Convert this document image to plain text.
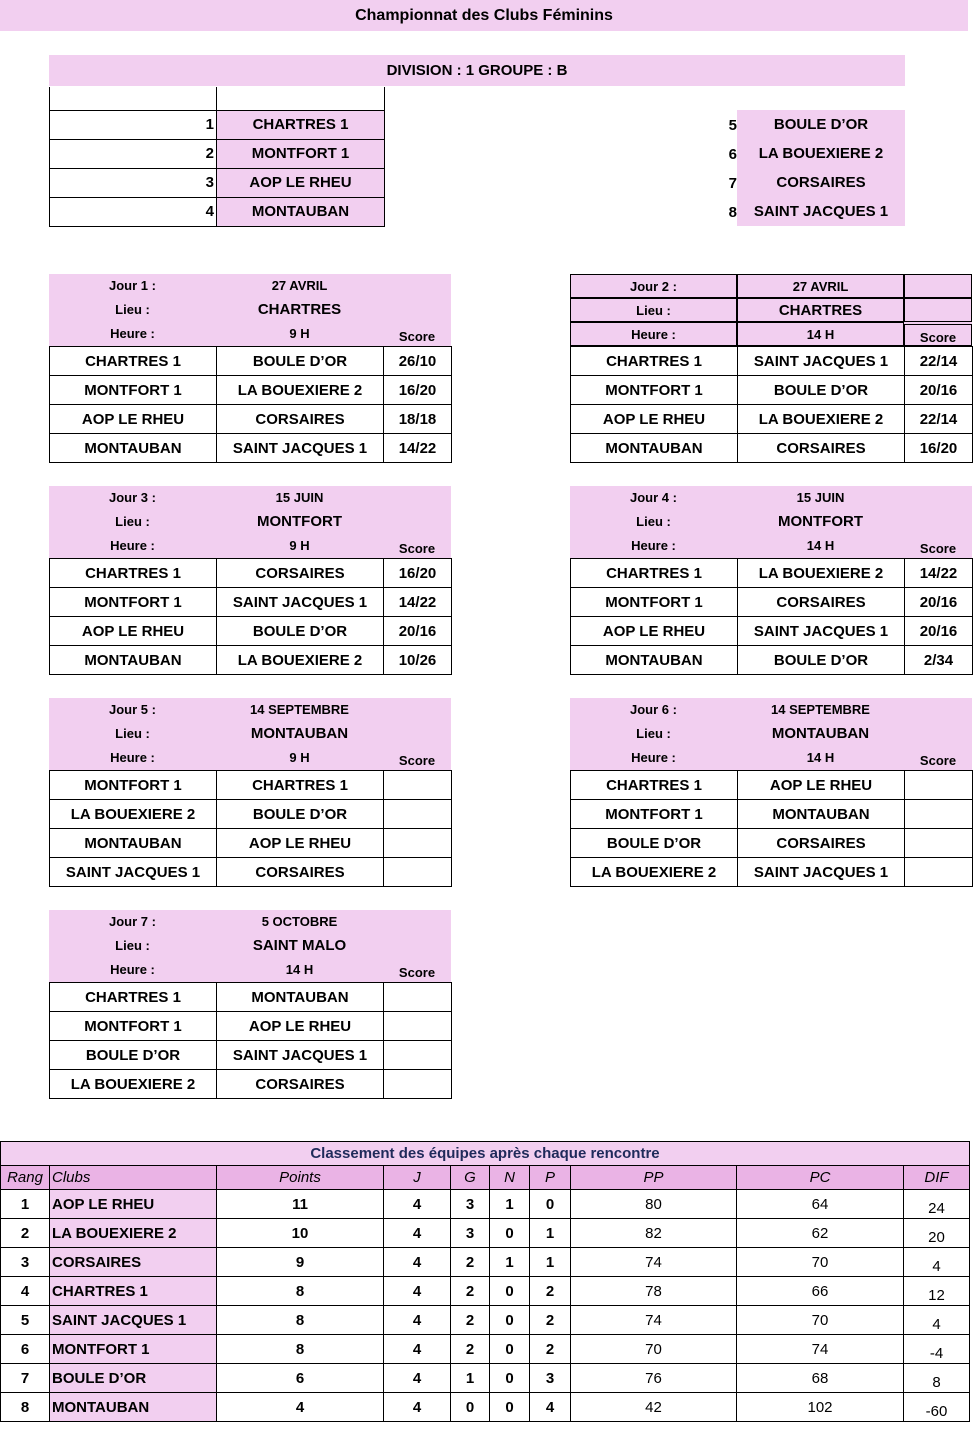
Championnat des Clubs Féminins
DIVISION : 1 GROUPE : B

1	CHARTRES 1
2	MONTFORT 1
3	AOP LE RHEU
4	MONTAUBAN
5	BOULE D’OR
6	LA BOUEXIERE 2
7	CORSAIRES
8	SAINT JACQUES 1
Jour 1 :	27 AVRIL
Lieu :	CHARTRES
Heure :	9 H	Score
CHARTRES 1	BOULE D’OR	26/10
MONTFORT 1	LA BOUEXIERE 2	16/20
AOP LE RHEU	CORSAIRES	18/18
MONTAUBAN	SAINT JACQUES 1	14/22
Jour 2 :	27 AVRIL
Lieu :	CHARTRES
Heure :	14 H	Score
CHARTRES 1	SAINT JACQUES 1	22/14
MONTFORT 1	BOULE D’OR	20/16
AOP LE RHEU	LA BOUEXIERE 2	22/14
MONTAUBAN	CORSAIRES	16/20
Jour 3 :	15 JUIN
Lieu :	MONTFORT
Heure :	9 H	Score
CHARTRES 1	CORSAIRES	16/20
MONTFORT 1	SAINT JACQUES 1	14/22
AOP LE RHEU	BOULE D’OR	20/16
MONTAUBAN	LA BOUEXIERE 2	10/26
Jour 4 :	15 JUIN
Lieu :	MONTFORT
Heure :	14 H	Score
CHARTRES 1	LA BOUEXIERE 2	14/22
MONTFORT 1	CORSAIRES	20/16
AOP LE RHEU	SAINT JACQUES 1	20/16
MONTAUBAN	BOULE D’OR	2/34
Jour 5 :	14 SEPTEMBRE
Lieu :	MONTAUBAN
Heure :	9 H	Score
MONTFORT 1	CHARTRES 1	
LA BOUEXIERE 2	BOULE D’OR	
MONTAUBAN	AOP LE RHEU	
SAINT JACQUES 1	CORSAIRES	
Jour 6 :	14 SEPTEMBRE
Lieu :	MONTAUBAN
Heure :	14 H	Score
CHARTRES 1	AOP LE RHEU	
MONTFORT 1	MONTAUBAN	
BOULE D’OR	CORSAIRES	
LA BOUEXIERE 2	SAINT JACQUES 1	
Jour 7 :	5 OCTOBRE
Lieu :	SAINT MALO
Heure :	14 H	Score
CHARTRES 1	MONTAUBAN	
MONTFORT 1	AOP LE RHEU	
BOULE D’OR	SAINT JACQUES 1	
LA BOUEXIERE 2	CORSAIRES	
Classement des équipes après chaque rencontre									
Rang	Clubs	Points	J	G	N	P	PP	PC	DIF
1	AOP LE RHEU	11	4	3	1	0	80	64	24
2	LA BOUEXIERE 2	10	4	3	0	1	82	62	20
3	CORSAIRES	9	4	2	1	1	74	70	4
4	CHARTRES 1	8	4	2	0	2	78	66	12
5	SAINT JACQUES 1	8	4	2	0	2	74	70	4
6	MONTFORT 1	8	4	2	0	2	70	74	-4
7	BOULE D’OR	6	4	1	0	3	76	68	8
8	MONTAUBAN	4	4	0	0	4	42	102	-60
